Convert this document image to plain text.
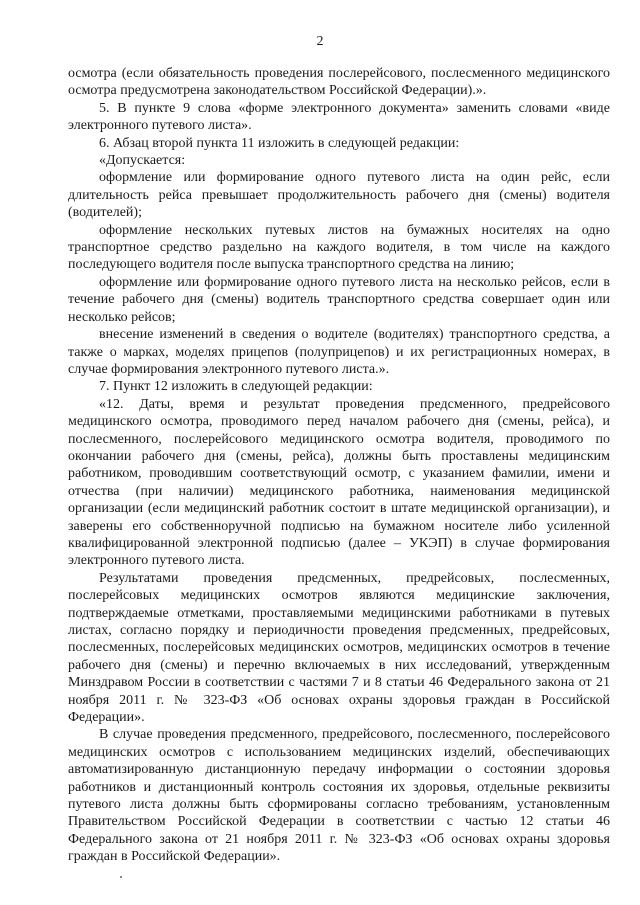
2

осмотра (если обязательность проведения послерейсового, послесменного медицинского осмотра предусмотрена законодательством Российской Федерации).».

5. В пункте 9 слова «форме электронного документа» заменить словами «виде электронного путевого листа».

6. Абзац второй пункта 11 изложить в следующей редакции:

«Допускается:

оформление или формирование одного путевого листа на один рейс, если длительность рейса превышает продолжительность рабочего дня (смены) водителя (водителей);

оформление нескольких путевых листов на бумажных носителях на одно транспортное средство раздельно на каждого водителя, в том числе на каждого последующего водителя после выпуска транспортного средства на линию;

оформление или формирование одного путевого листа на несколько рейсов, если в течение рабочего дня (смены) водитель транспортного средства совершает один или несколько рейсов;

внесение изменений в сведения о водителе (водителях) транспортного средства, а также о марках, моделях прицепов (полуприцепов) и их регистрационных номерах, в случае формирования электронного путевого листа.».

7. Пункт 12 изложить в следующей редакции:

«12. Даты, время и результат проведения предсменного, предрейсового медицинского осмотра, проводимого перед началом рабочего дня (смены, рейса), и послесменного, послерейсового медицинского осмотра водителя, проводимого по окончании рабочего дня (смены, рейса), должны быть проставлены медицинским работником, проводившим соответствующий осмотр, с указанием фамилии, имени и отчества (при наличии) медицинского работника, наименования медицинской организации (если медицинский работник состоит в штате медицинской организации), и заверены его собственноручной подписью на бумажном носителе либо усиленной квалифицированной электронной подписью (далее – УКЭП) в случае формирования электронного путевого листа.

Результатами проведения предсменных, предрейсовых, послесменных, послерейсовых медицинских осмотров являются медицинские заключения, подтверждаемые отметками, проставляемыми медицинскими работниками в путевых листах, согласно порядку и периодичности проведения предсменных, предрейсовых, послесменных, послерейсовых медицинских осмотров, медицинских осмотров в течение рабочего дня (смены) и перечню включаемых в них исследований, утвержденным Минздравом России в соответствии с частями 7 и 8 статьи 46 Федерального закона от 21 ноября 2011 г. № 323-ФЗ «Об основах охраны здоровья граждан в Российской Федерации».

В случае проведения предсменного, предрейсового, послесменного, послерейсового медицинских осмотров с использованием медицинских изделий, обеспечивающих автоматизированную дистанционную передачу информации о состоянии здоровья работников и дистанционный контроль состояния их здоровья, отдельные реквизиты путевого листа должны быть сформированы согласно требованиям, установленным Правительством Российской Федерации в соответствии с частью 12 статьи 46 Федерального закона от 21 ноября 2011 г. № 323-ФЗ «Об основах охраны здоровья граждан в Российской Федерации».
